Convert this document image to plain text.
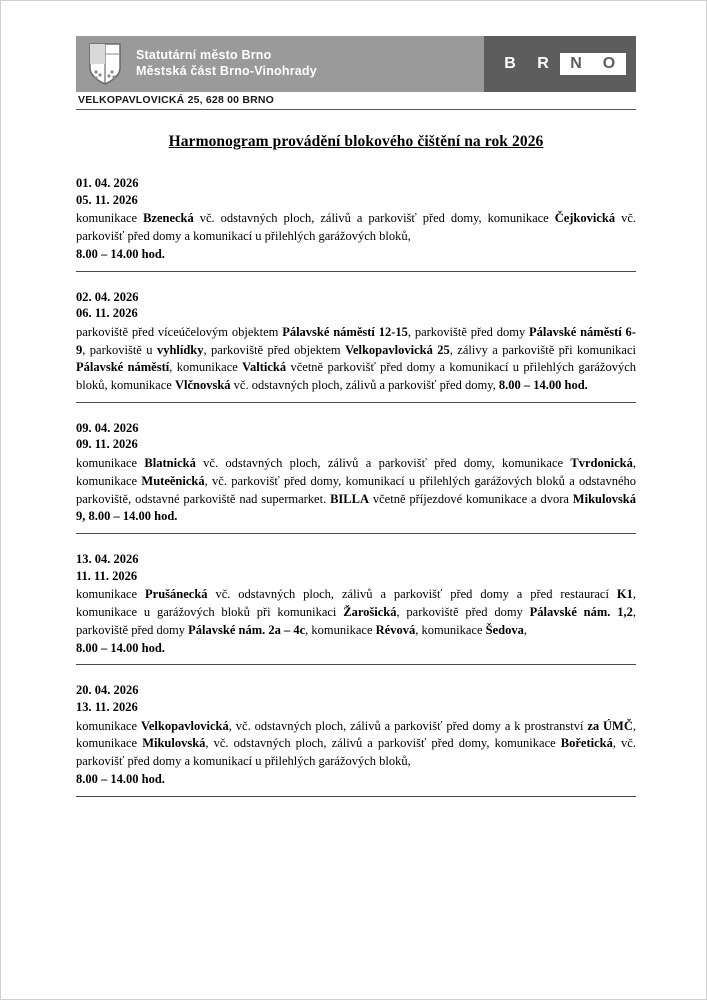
Statutární město Brno
Městská část Brno-Vinohrady	B	R	N	O
VELKOPAVLOVICKÁ 25, 628 00 BRNO
Harmonogram provádění blokového čištění na rok 2026
01. 04. 2026
05. 11. 2026
komunikace Bzenecká vč. odstavných ploch, zálivů a parkovišť před domy, komunikace Čejkovická vč. parkovišť před domy a komunikací u přilehlých garážových bloků,
8.00 – 14.00 hod.
02. 04. 2026
06. 11. 2026
parkoviště před víceúčelovým objektem Pálavské náměstí 12-15, parkoviště před domy Pálavské náměstí 6-9, parkoviště u vyhlídky, parkoviště před objektem Velkopavlovická 25, zálivy a parkoviště při komunikaci Pálavské náměstí, komunikace Valtická včetně parkovišť před domy a komunikací u přilehlých garážových bloků, komunikace Vlčnovská vč. odstavných ploch, zálivů a parkovišť před domy, 8.00 – 14.00 hod.
09. 04. 2026
09. 11. 2026
komunikace Blatnická vč. odstavných ploch, zálivů a parkovišť před domy, komunikace Tvrdonická, komunikace Muteěnická, vč. parkovišť před domy, komunikací u přilehlých garážových bloků a odstavného parkoviště, odstavné parkoviště nad supermarket. BILLA včetně příjezdové komunikace a dvora Mikulovská 9, 8.00 – 14.00 hod.
13. 04. 2026
11. 11. 2026
komunikace Prušánecká vč. odstavných ploch, zálivů a parkovišť před domy a před restaurací K1, komunikace u garážových bloků při komunikaci Žarošická, parkoviště před domy Pálavské nám. 1,2, parkoviště před domy Pálavské nám. 2a – 4c, komunikace Révová, komunikace Šedova,
8.00 – 14.00 hod.
20. 04. 2026
13. 11. 2026
komunikace Velkopavlovická, vč. odstavných ploch, zálivů a parkovišť před domy a k prostranství za ÚMČ, komunikace Mikulovská, vč. odstavných ploch, zálivů a parkovišť před domy, komunikace Bořetická, vč. parkovišť před domy a komunikací u přilehlých garážových bloků,
8.00 – 14.00 hod.
